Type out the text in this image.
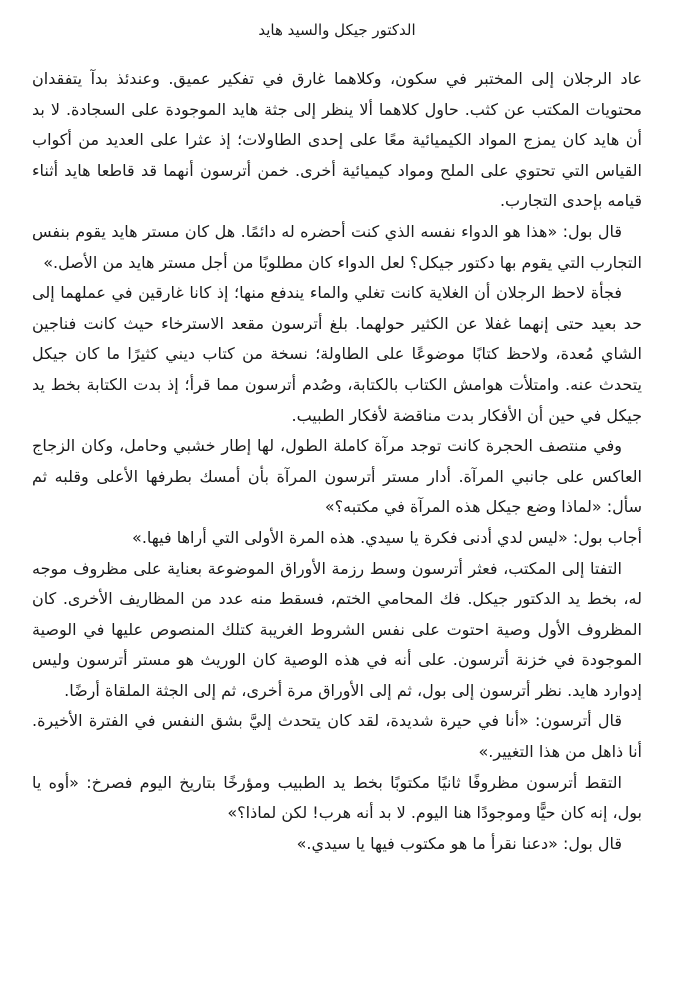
الدكتور جيكل والسيد هايد

عاد الرجلان إلى المختبر في سكون، وكلاهما غارق في تفكير عميق. وعندئذ بدآ يتفقدان محتويات المكتب عن كثب. حاول كلاهما ألا ينظر إلى جثة هايد الموجودة على السجادة. لا بد أن هايد كان يمزج المواد الكيميائية معًا على إحدى الطاولات؛ إذ عثرا على العديد من أكواب القياس التي تحتوي على الملح ومواد كيميائية أخرى. خمن أترسون أنهما قد قاطعا هايد أثناء قيامه بإحدى التجارب.

قال بول: «هذا هو الدواء نفسه الذي كنت أحضره له دائمًا. هل كان مستر هايد يقوم بنفس التجارب التي يقوم بها دكتور جيكل؟ لعل الدواء كان مطلوبًا من أجل مستر هايد من الأصل.»

فجأة لاحظ الرجلان أن الغلاية كانت تغلي والماء يندفع منها؛ إذ كانا غارقين في عملهما إلى حد بعيد حتى إنهما غفلا عن الكثير حولهما. بلغ أترسون مقعد الاسترخاء حيث كانت فناجين الشاي مُعدة، ولاحظ كتابًا موضوعًا على الطاولة؛ نسخة من كتاب ديني كثيرًا ما كان جيكل يتحدث عنه. وامتلأت هوامش الكتاب بالكتابة، وصُدم أترسون مما قرأ؛ إذ بدت الكتابة بخط يد جيكل في حين أن الأفكار بدت مناقضة لأفكار الطبيب.

وفي منتصف الحجرة كانت توجد مرآة كاملة الطول، لها إطار خشبي وحامل، وكان الزجاج العاكس على جانبي المرآة. أدار مستر أترسون المرآة بأن أمسك بطرفها الأعلى وقلبه ثم سأل: «لماذا وضع جيكل هذه المرآة في مكتبه؟»

أجاب بول: «ليس لدي أدنى فكرة يا سيدي. هذه المرة الأولى التي أراها فيها.»

التفتا إلى المكتب، فعثر أترسون وسط رزمة الأوراق الموضوعة بعناية على مظروف موجه له، بخط يد الدكتور جيكل. فك المحامي الختم، فسقط منه عدد من المظاريف الأخرى. كان المظروف الأول وصية احتوت على نفس الشروط الغريبة كتلك المنصوص عليها في الوصية الموجودة في خزنة أترسون. على أنه في هذه الوصية كان الوريث هو مستر أترسون وليس إدوارد هايد. نظر أترسون إلى بول، ثم إلى الأوراق مرة أخرى، ثم إلى الجثة الملقاة أرضًا.

قال أترسون: «أنا في حيرة شديدة، لقد كان يتحدث إليَّ بشق النفس في الفترة الأخيرة. أنا ذاهل من هذا التغيير.»

التقط أترسون مظروفًا ثانيًا مكتوبًا بخط يد الطبيب ومؤرخًا بتاريخ اليوم فصرخ: «أوه يا بول، إنه كان حيًّا وموجودًا هنا اليوم. لا بد أنه هرب! لكن لماذا؟»

قال بول: «دعنا نقرأ ما هو مكتوب فيها يا سيدي.»
